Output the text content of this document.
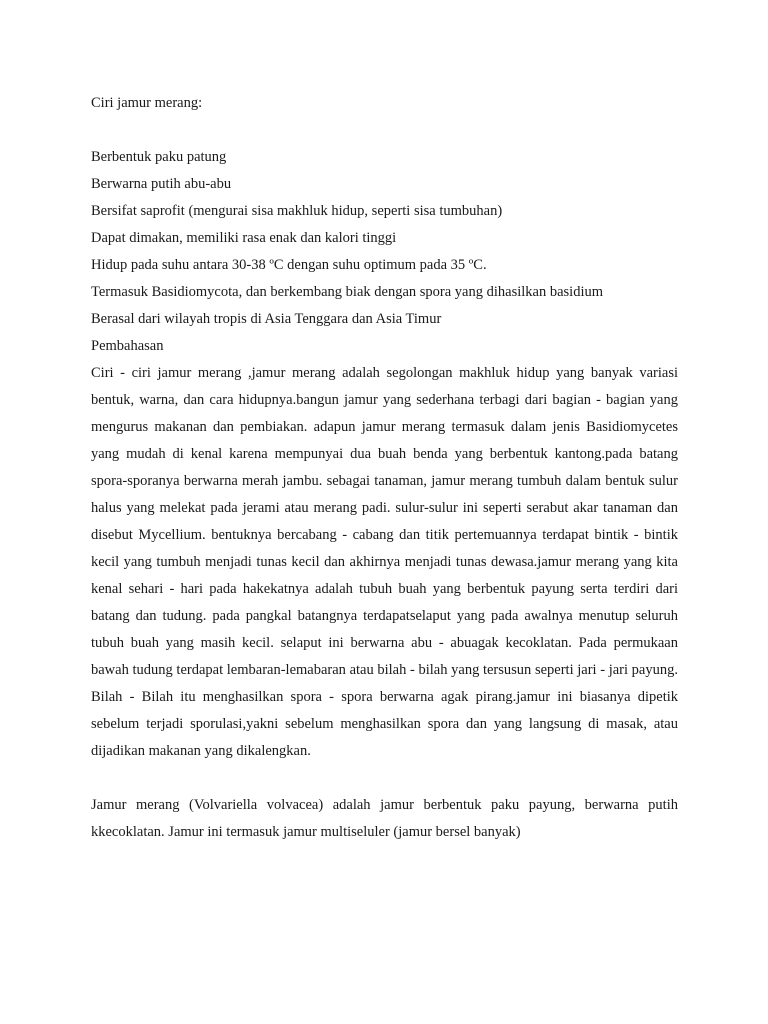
Ciri jamur merang:

Berbentuk paku patung
Berwarna putih abu-abu
Bersifat saprofit (mengurai sisa makhluk hidup, seperti sisa tumbuhan)
Dapat dimakan, memiliki rasa enak dan kalori tinggi
Hidup pada suhu antara 30-38 ºC dengan suhu optimum pada 35 ºC.
Termasuk Basidiomycota, dan berkembang biak dengan spora yang dihasilkan basidium
Berasal dari wilayah tropis di Asia Tenggara dan Asia Timur

Pembahasan

Ciri - ciri jamur merang ,jamur merang adalah segolongan makhluk hidup yang banyak variasi bentuk, warna, dan cara hidupnya.bangun jamur yang sederhana terbagi dari bagian - bagian yang mengurus makanan dan pembiakan. adapun jamur merang termasuk dalam jenis Basidiomycetes yang mudah di kenal karena mempunyai dua buah benda yang berbentuk kantong.pada batang spora-sporanya berwarna merah jambu. sebagai tanaman, jamur merang tumbuh dalam bentuk sulur halus yang melekat pada jerami atau merang padi. sulur-sulur ini seperti serabut akar tanaman dan disebut Mycellium. bentuknya bercabang - cabang dan titik pertemuannya terdapat bintik - bintik kecil yang tumbuh menjadi tunas kecil dan akhirnya menjadi tunas dewasa.jamur merang yang kita kenal sehari - hari pada hakekatnya adalah tubuh buah yang berbentuk payung serta terdiri dari batang dan tudung. pada pangkal batangnya terdapatselaput yang pada awalnya menutup seluruh tubuh buah yang masih kecil. selaput ini berwarna abu - abuagak kecoklatan. Pada permukaan bawah tudung terdapat lembaran-lemabaran atau bilah - bilah yang tersusun seperti jari - jari payung. Bilah - Bilah itu menghasilkan spora - spora berwarna agak pirang.jamur ini biasanya dipetik sebelum terjadi sporulasi,yakni sebelum menghasilkan spora dan yang langsung di masak, atau dijadikan makanan yang dikalengkan.

Jamur merang (Volvariella volvacea) adalah jamur berbentuk paku payung, berwarna putih kkecoklatan. Jamur ini termasuk jamur multiseluler (jamur bersel banyak)
